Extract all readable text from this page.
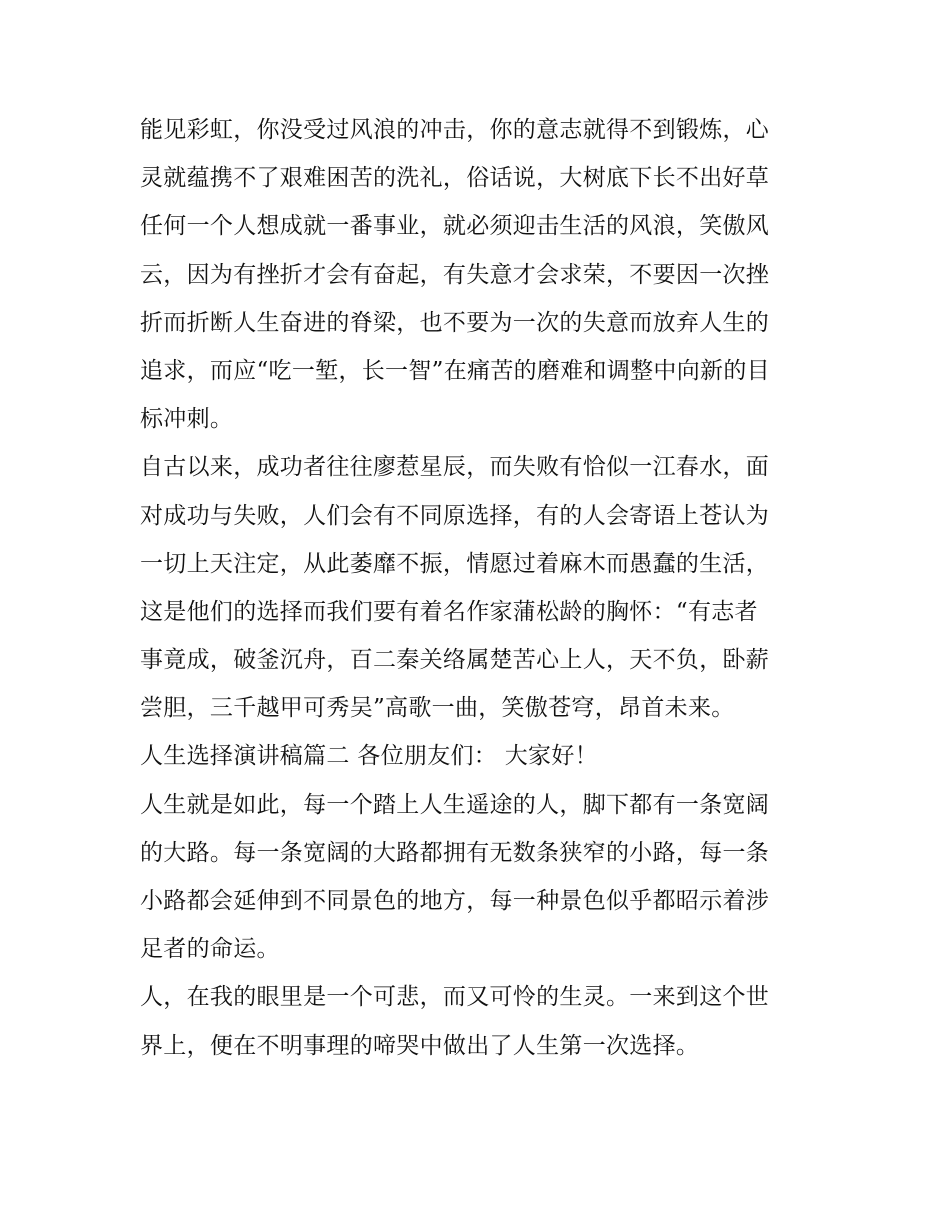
能见彩虹，你没受过风浪的冲击，你的意志就得不到锻炼，心
灵就蕴携不了艰难困苦的洗礼，俗话说，大树底下长不出好草
任何一个人想成就一番事业，就必须迎击生活的风浪，笑傲风
云，因为有挫折才会有奋起，有失意才会求荣，不要因一次挫
折而折断人生奋进的脊梁，也不要为一次的失意而放弃人生的
追求，而应“吃一堑，长一智”在痛苦的磨难和调整中向新的目
标冲刺。
自古以来，成功者往往廖惹星辰，而失败有恰似一江春水，面
对成功与失败，人们会有不同原选择，有的人会寄语上苍认为
一切上天注定，从此萎靡不振，情愿过着麻木而愚蠢的生活，
这是他们的选择而我们要有着名作家蒲松龄的胸怀：“有志者
事竟成，破釜沉舟，百二秦关络属楚苦心上人，天不负，卧薪
尝胆，三千越甲可秀吴”高歌一曲，笑傲苍穹，昂首未来。
人生选择演讲稿篇二 各位朋友们： 大家好！
人生就是如此，每一个踏上人生遥途的人，脚下都有一条宽阔
的大路。每一条宽阔的大路都拥有无数条狭窄的小路，每一条
小路都会延伸到不同景色的地方，每一种景色似乎都昭示着涉
足者的命运。
人，在我的眼里是一个可悲，而又可怜的生灵。一来到这个世
界上，便在不明事理的啼哭中做出了人生第一次选择。
